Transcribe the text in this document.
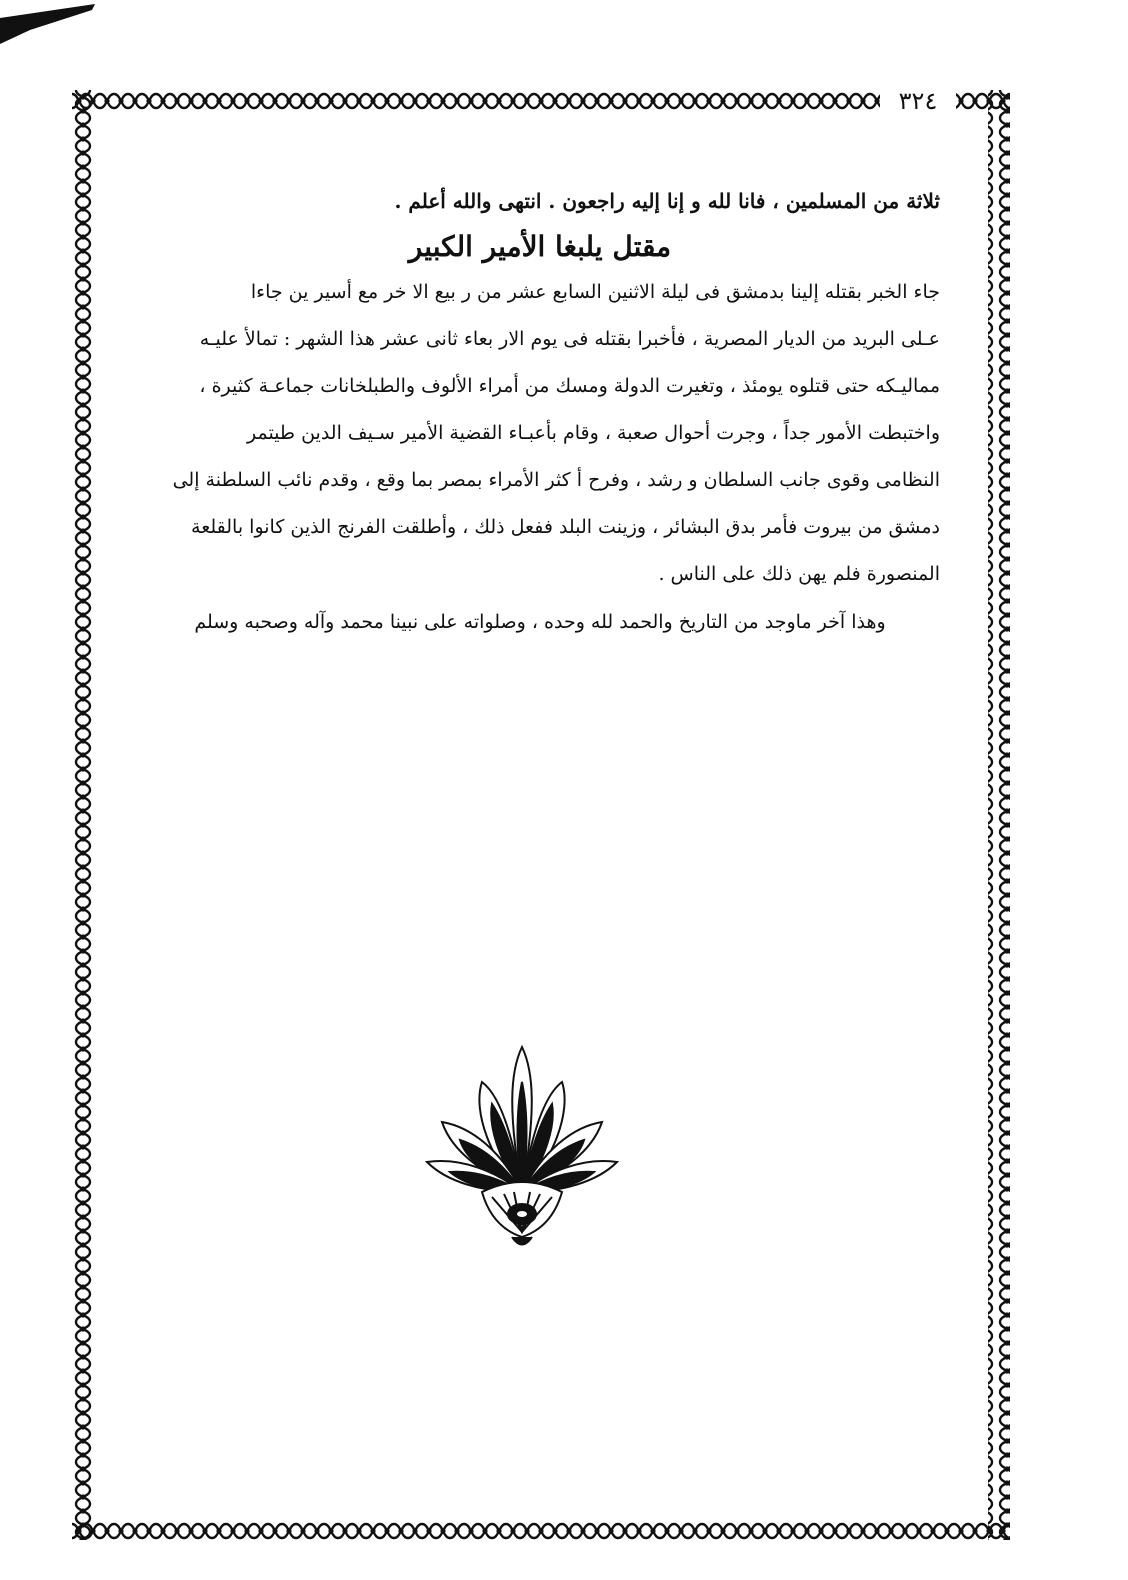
٣٢٤
ثلاثة من المسلمين ، فانا لله و إنا إليه راجعون . انتهى والله أعلم .
مقتل يلبغا الأمير الكبير
جاء الخبر بقتله إلينا بدمشق فى ليلة الاثنين السابع عشر من ر بيع الا خر مع أسير ين جاءا
عـلى البريد من الديار المصرية ، فأخبرا بقتله فى يوم الار بعاء ثانى عشر هذا الشهر : تمالأ عليـه
مماليـكه حتى قتلوه يومئذ ، وتغيرت الدولة ومسك من أمراء الألوف والطبلخانات جماعـة كثيرة ،
واختبطت الأمور جداً ، وجرت أحوال صعبة ، وقام بأعبـاء القضية الأمير سـيف الدين طيتمر
النظامى وقوى جانب السلطان و رشد ، وفرح أ كثر الأمراء بمصر بما وقع ، وقدم نائب السلطنة إلى
دمشق من بيروت فأمر بدق البشائر ، وزينت البلد ففعل ذلك ، وأطلقت الفرنج الذين كانوا بالقلعة
المنصورة فلم يهن ذلك على الناس .
وهذا آخر ماوجد من التاريخ والحمد لله وحده ، وصلواته على نبينا محمد وآله وصحبه وسلم
